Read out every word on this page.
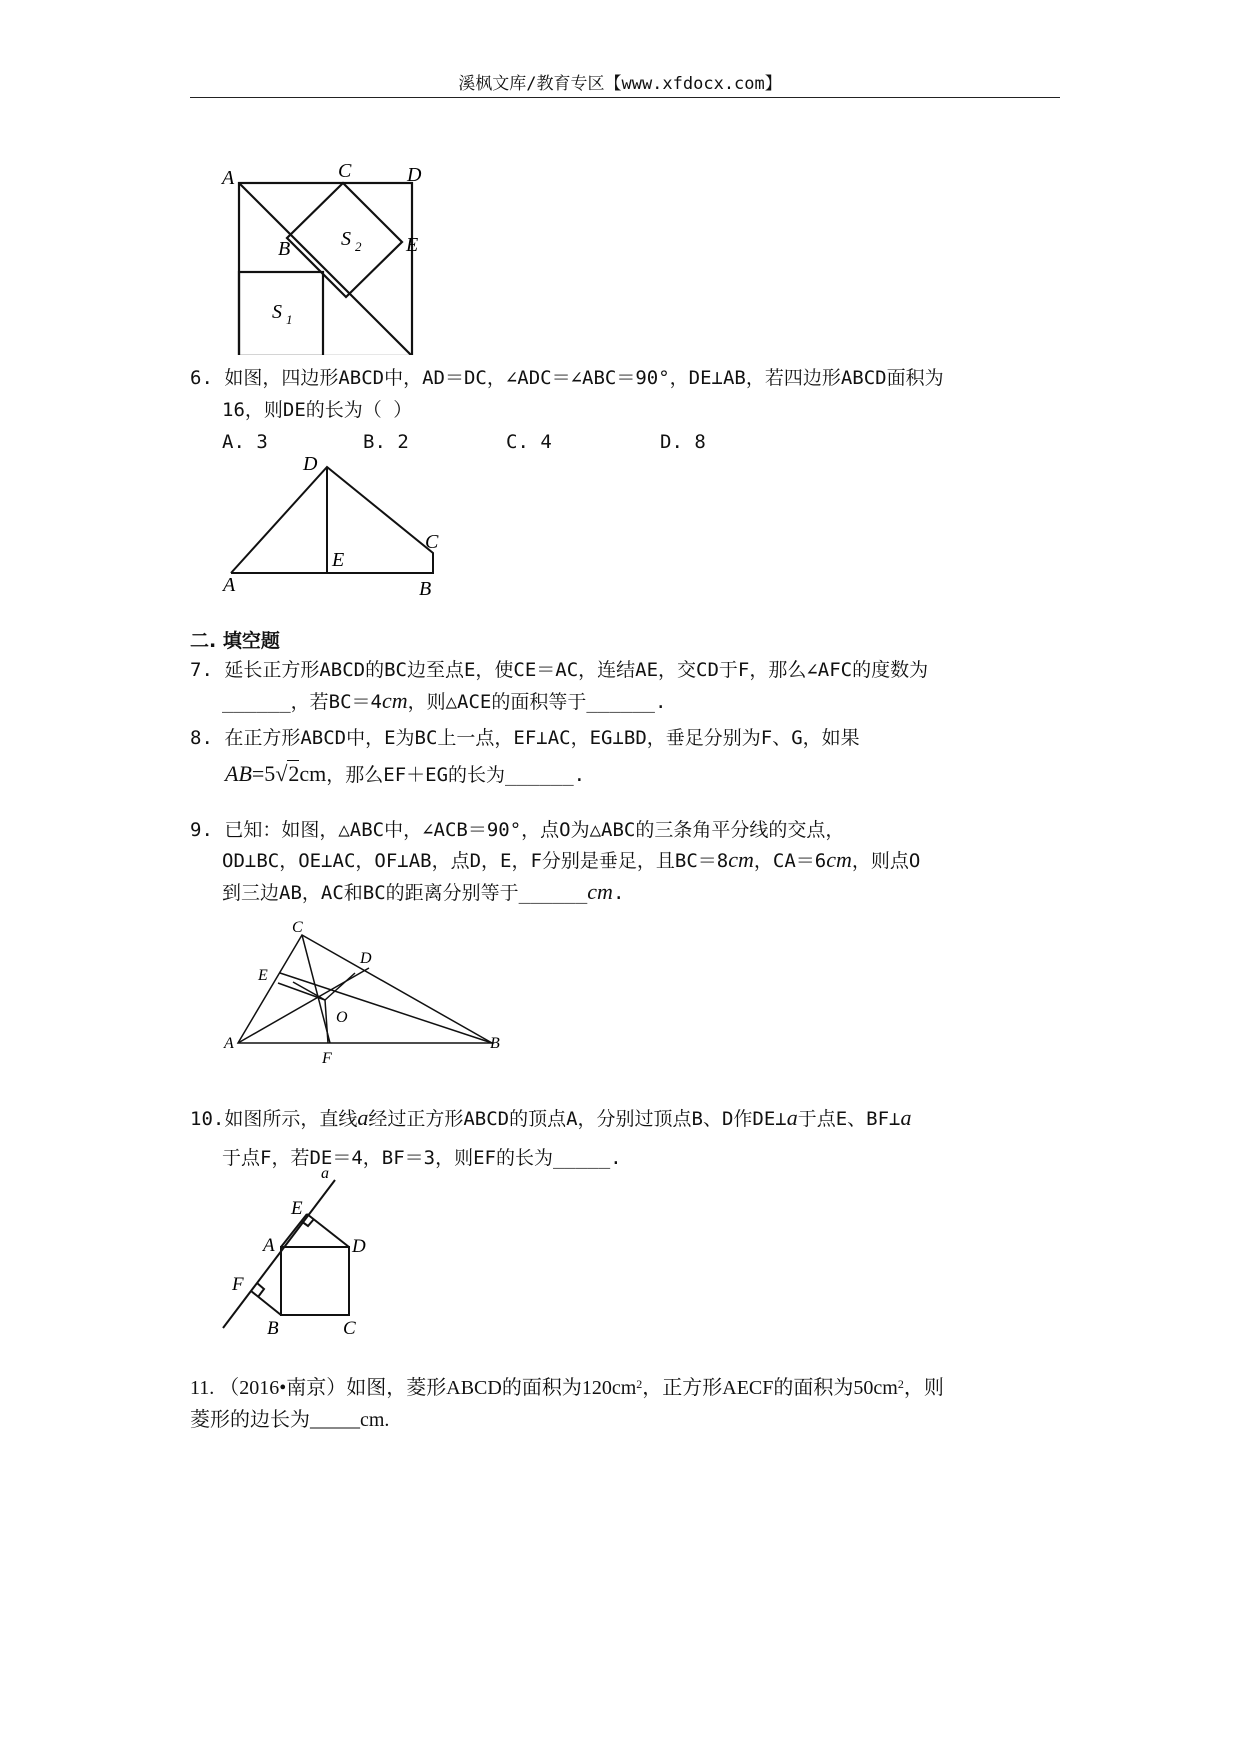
溪枫文库/教育专区【www.xfdocx.com】
A	C	D
B	E
S 2
S 1
6. 如图，四边形ABCD中，AD＝DC，∠ADC＝∠ABC＝90°，DE⊥AB，若四边形ABCD面积为
16，则DE的长为（ ）
A. 3	B. 2	C. 4	D. 8
D
C
E
A	B
二. 填空题
7. 延长正方形ABCD的BC边至点E，使CE＝AC，连结AE，交CD于F，那么∠AFC的度数为
______，若BC＝4cm，则△ACE的面积等于______.
8. 在正方形ABCD中，E为BC上一点，EF⊥AC，EG⊥BD，垂足分别为F、G，如果
AB=5√2cm，那么EF＋EG的长为______.
9. 已知：如图，△ABC中，∠ACB＝90°，点O为△ABC的三条角平分线的交点，
OD⊥BC，OE⊥AC，OF⊥AB，点D，E，F分别是垂足，且BC＝8cm，CA＝6cm，则点O
到三边AB，AC和BC的距离分别等于______cm.
C
E
D
O
A
F
B
10.如图所示，直线a经过正方形ABCD的顶点A，分别过顶点B、D作DE⊥a于点E、BF⊥a
于点F，若DE＝4，BF＝3，则EF的长为_____.
a
E
A	D
F
B	C
11. （2016•南京）如图，菱形ABCD的面积为$120cm^2$，正方形AECF的面积为$50cm^2$，则
菱形的边长为_____cm.
